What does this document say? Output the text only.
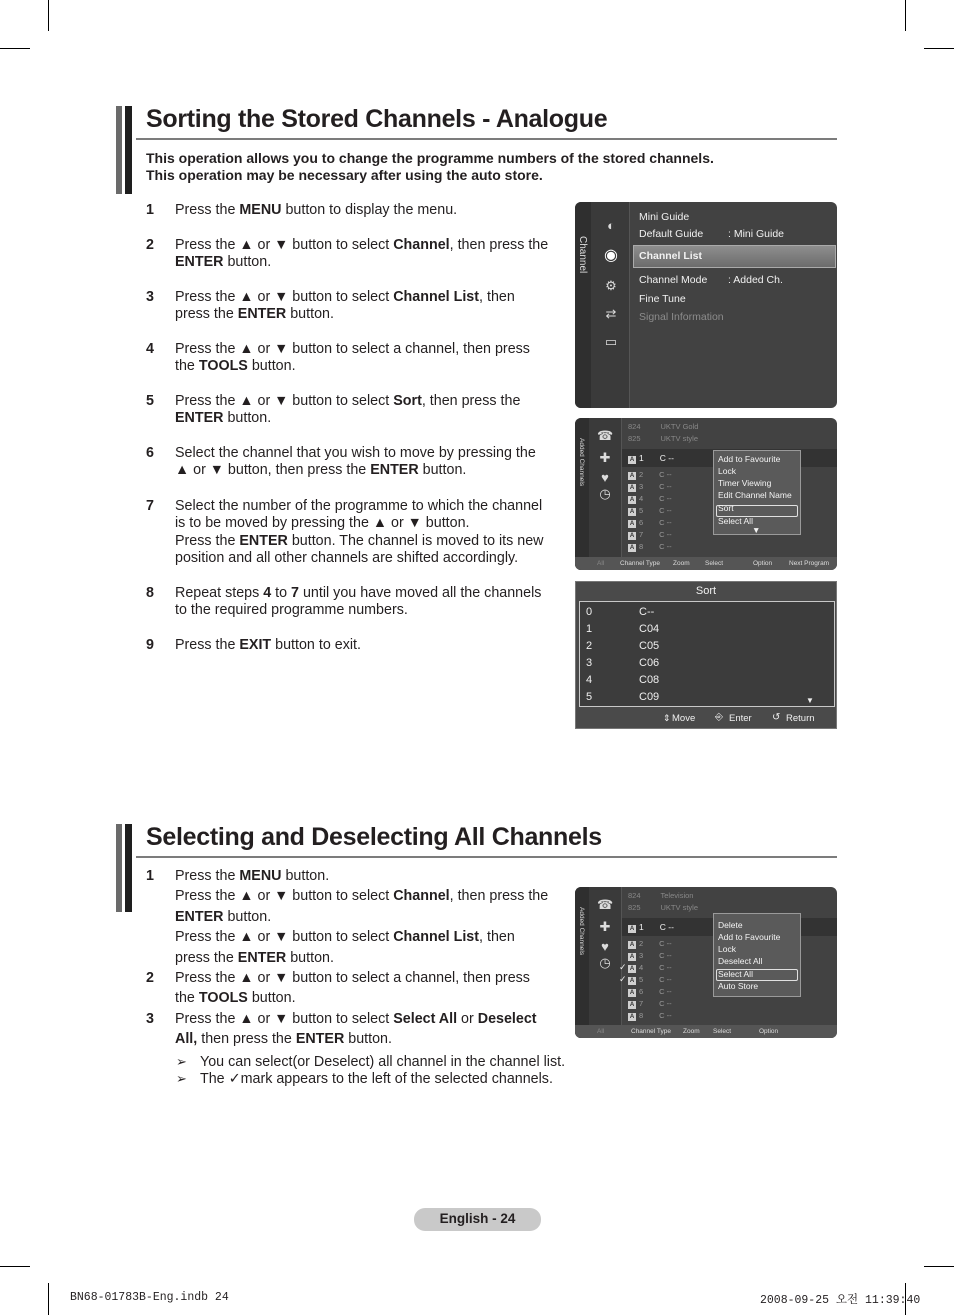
Sorting the Stored Channels - Analogue

This operation allows you to change the programme numbers of the stored channels.

This operation may be necessary after using the auto store.

1 Press the MENU button to display the menu.

2 Press the ▲ or ▼ button to select Channel, then press the

ENTER button.

3 Press the ▲ or ▼ button to select Channel List, then

press the ENTER button.

4 Press the ▲ or ▼ button to select a channel, then press

the TOOLS button.

5 Press the ▲ or ▼ button to select Sort, then press the

ENTER button.

6 Select the channel that you wish to move by pressing the

▲ or ▼ button, then press the ENTER button.

7 Select the number of the programme to which the channel

is to be moved by pressing the ▲ or ▼ button.

Press the ENTER button. The channel is moved to its new

position and all other channels are shifted accordingly.

8 Repeat steps 4 to 7 until you have moved all the channels

to the required programme numbers.

9 Press the EXIT button to exit.

Channel
◐
◉
⚙
⇄
▭
Mini Guide
Default Guide : Mini Guide
Channel List
Channel Mode : Added Ch.
Fine Tune
Signal Information
Added Channels
☎
✚
♥
◷
824	UKTV Gold
825	UKTV style
A 1 C --
A 2 C --
A 3 C --
A 4 C --
A 5 C --
A 6 C --
A 7 C --
A 8 C --
Add to Favourite
Lock
Timer Viewing
Edit Channel Name
Sort
Select All
▼
All Channel Type Zoom Select	Option	Next Program
Sort
0	C--
1	C04
2	C05
3	C06
4	C08
5	C09	▼
⇕ Move ⎆ Enter ↺ Return
Selecting and Deselecting All Channels
1 Press the MENU button.

Press the ▲ or ▼ button to select Channel, then press the

ENTER button.

Press the ▲ or ▼ button to select Channel List, then

press the ENTER button.

2 Press the ▲ or ▼ button to select a channel, then press

the TOOLS button.

3 Press the ▲ or ▼ button to select Select All or Deselect

All, then press the ENTER button.

➢ You can select(or Deselect) all channel in the channel list.
➢ The ✓mark appears to the left of the selected channels.
Added Channels
☎
✚
♥
◷
824	Television
825	UKTV style
A 1 C --
A 2 C --
A 3 C --
✓ A 4 C --
✓ A 5 C --
A 6 C --
A 7 C --
A 8 C --
Delete
Add to Favourite
Lock
Deselect All
Select All
Auto Store
All	Channel Type Zoom Select	Option
English - 24
BN68-01783B-Eng.indb 24	2008-09-25 오전 11:39:40
